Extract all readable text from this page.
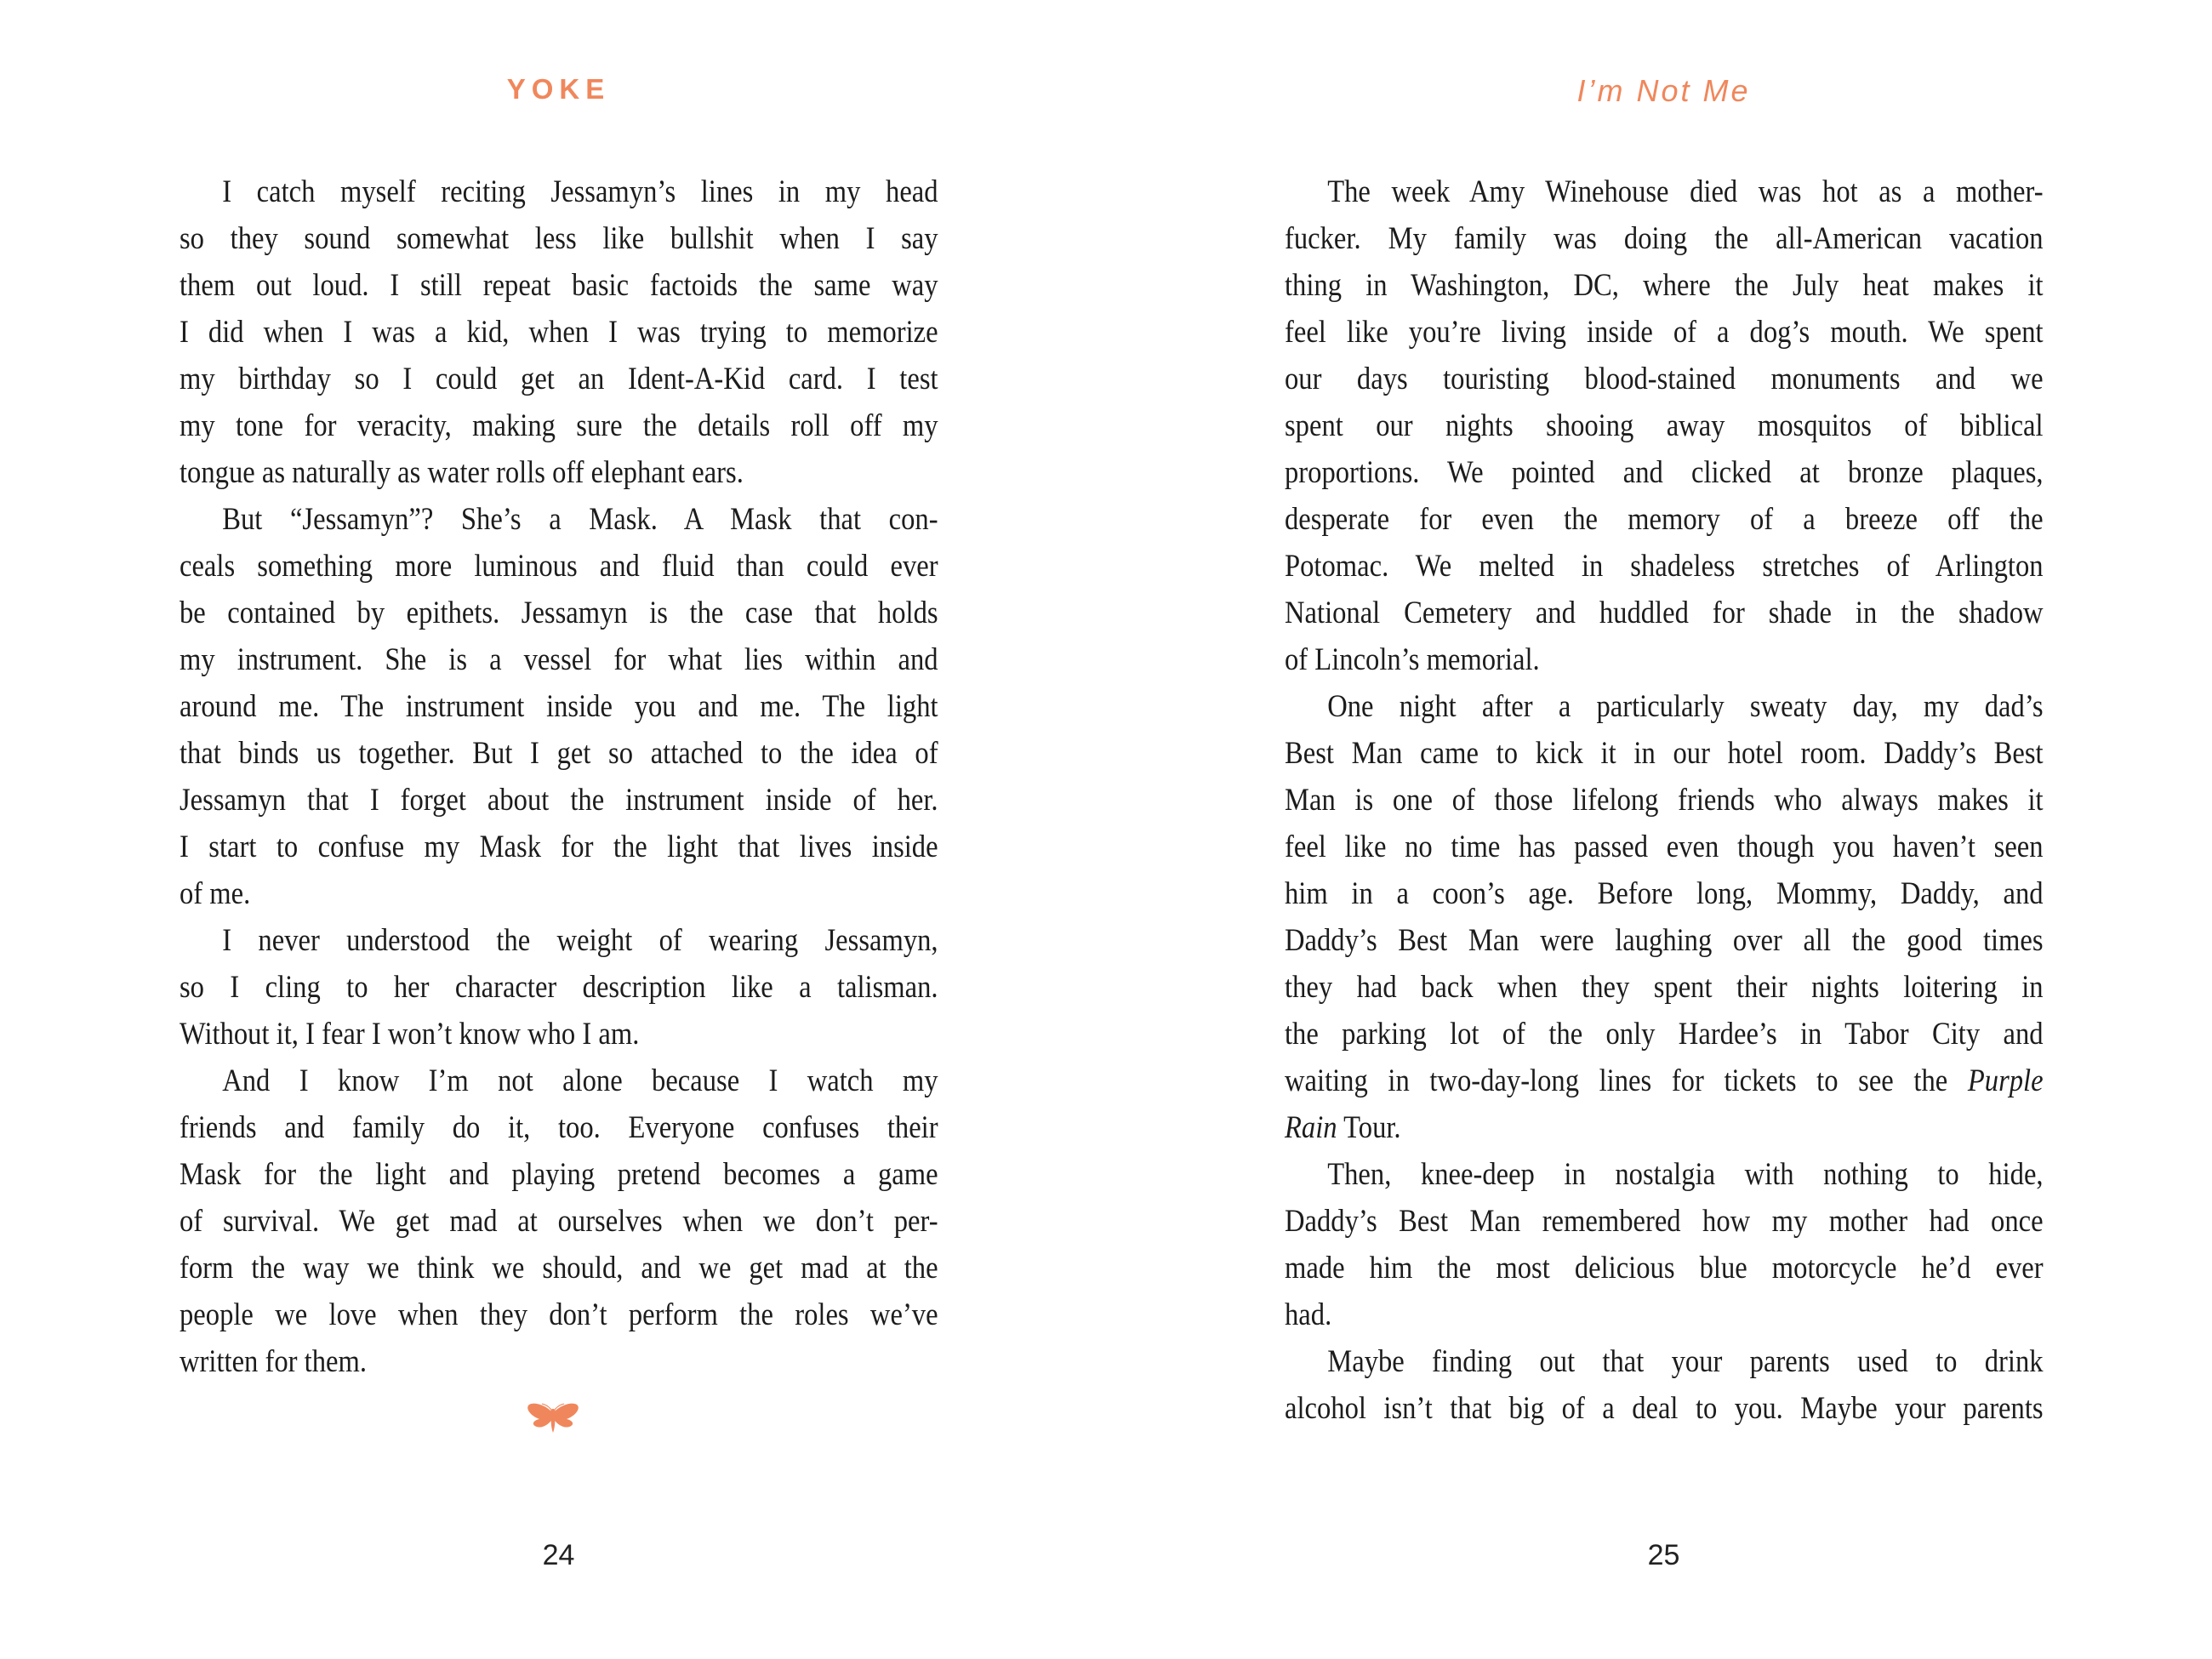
YOKE
I catch myself reciting Jessamyn’s lines in my head
so they sound somewhat less like bullshit when I say
them out loud. I still repeat basic factoids the same way
I did when I was a kid, when I was trying to memorize
my birthday so I could get an Ident-A-Kid card. I test
my tone for veracity, making sure the details roll off my
tongue as naturally as water rolls off elephant ears.
But “Jessamyn”? She’s a Mask. A Mask that con-
ceals something more luminous and fluid than could ever
be contained by epithets. Jessamyn is the case that holds
my instrument. She is a vessel for what lies within and
around me. The instrument inside you and me. The light
that binds us together. But I get so attached to the idea of
Jessamyn that I forget about the instrument inside of her.
I start to confuse my Mask for the light that lives inside
of me.
I never understood the weight of wearing Jessamyn,
so I cling to her character description like a talisman.
Without it, I fear I won’t know who I am.
And I know I’m not alone because I watch my
friends and family do it, too. Everyone confuses their
Mask for the light and playing pretend becomes a game
of survival. We get mad at ourselves when we don’t per-
form the way we think we should, and we get mad at the
people we love when they don’t perform the roles we’ve
written for them.
24
I’m Not Me
The week Amy Winehouse died was hot as a mother-
fucker. My family was doing the all-American vacation
thing in Washington, DC, where the July heat makes it
feel like you’re living inside of a dog’s mouth. We spent
our days touristing blood-stained monuments and we
spent our nights shooing away mosquitos of biblical
proportions. We pointed and clicked at bronze plaques,
desperate for even the memory of a breeze off the
Potomac. We melted in shadeless stretches of Arlington
National Cemetery and huddled for shade in the shadow
of Lincoln’s memorial.
One night after a particularly sweaty day, my dad’s
Best Man came to kick it in our hotel room. Daddy’s Best
Man is one of those lifelong friends who always makes it
feel like no time has passed even though you haven’t seen
him in a coon’s age. Before long, Mommy, Daddy, and
Daddy’s Best Man were laughing over all the good times
they had back when they spent their nights loitering in
the parking lot of the only Hardee’s in Tabor City and
waiting in two-day-long lines for tickets to see the Purple
Rain Tour.
Then, knee-deep in nostalgia with nothing to hide,
Daddy’s Best Man remembered how my mother had once
made him the most delicious blue motorcycle he’d ever
had.
Maybe finding out that your parents used to drink
alcohol isn’t that big of a deal to you. Maybe your parents
25
